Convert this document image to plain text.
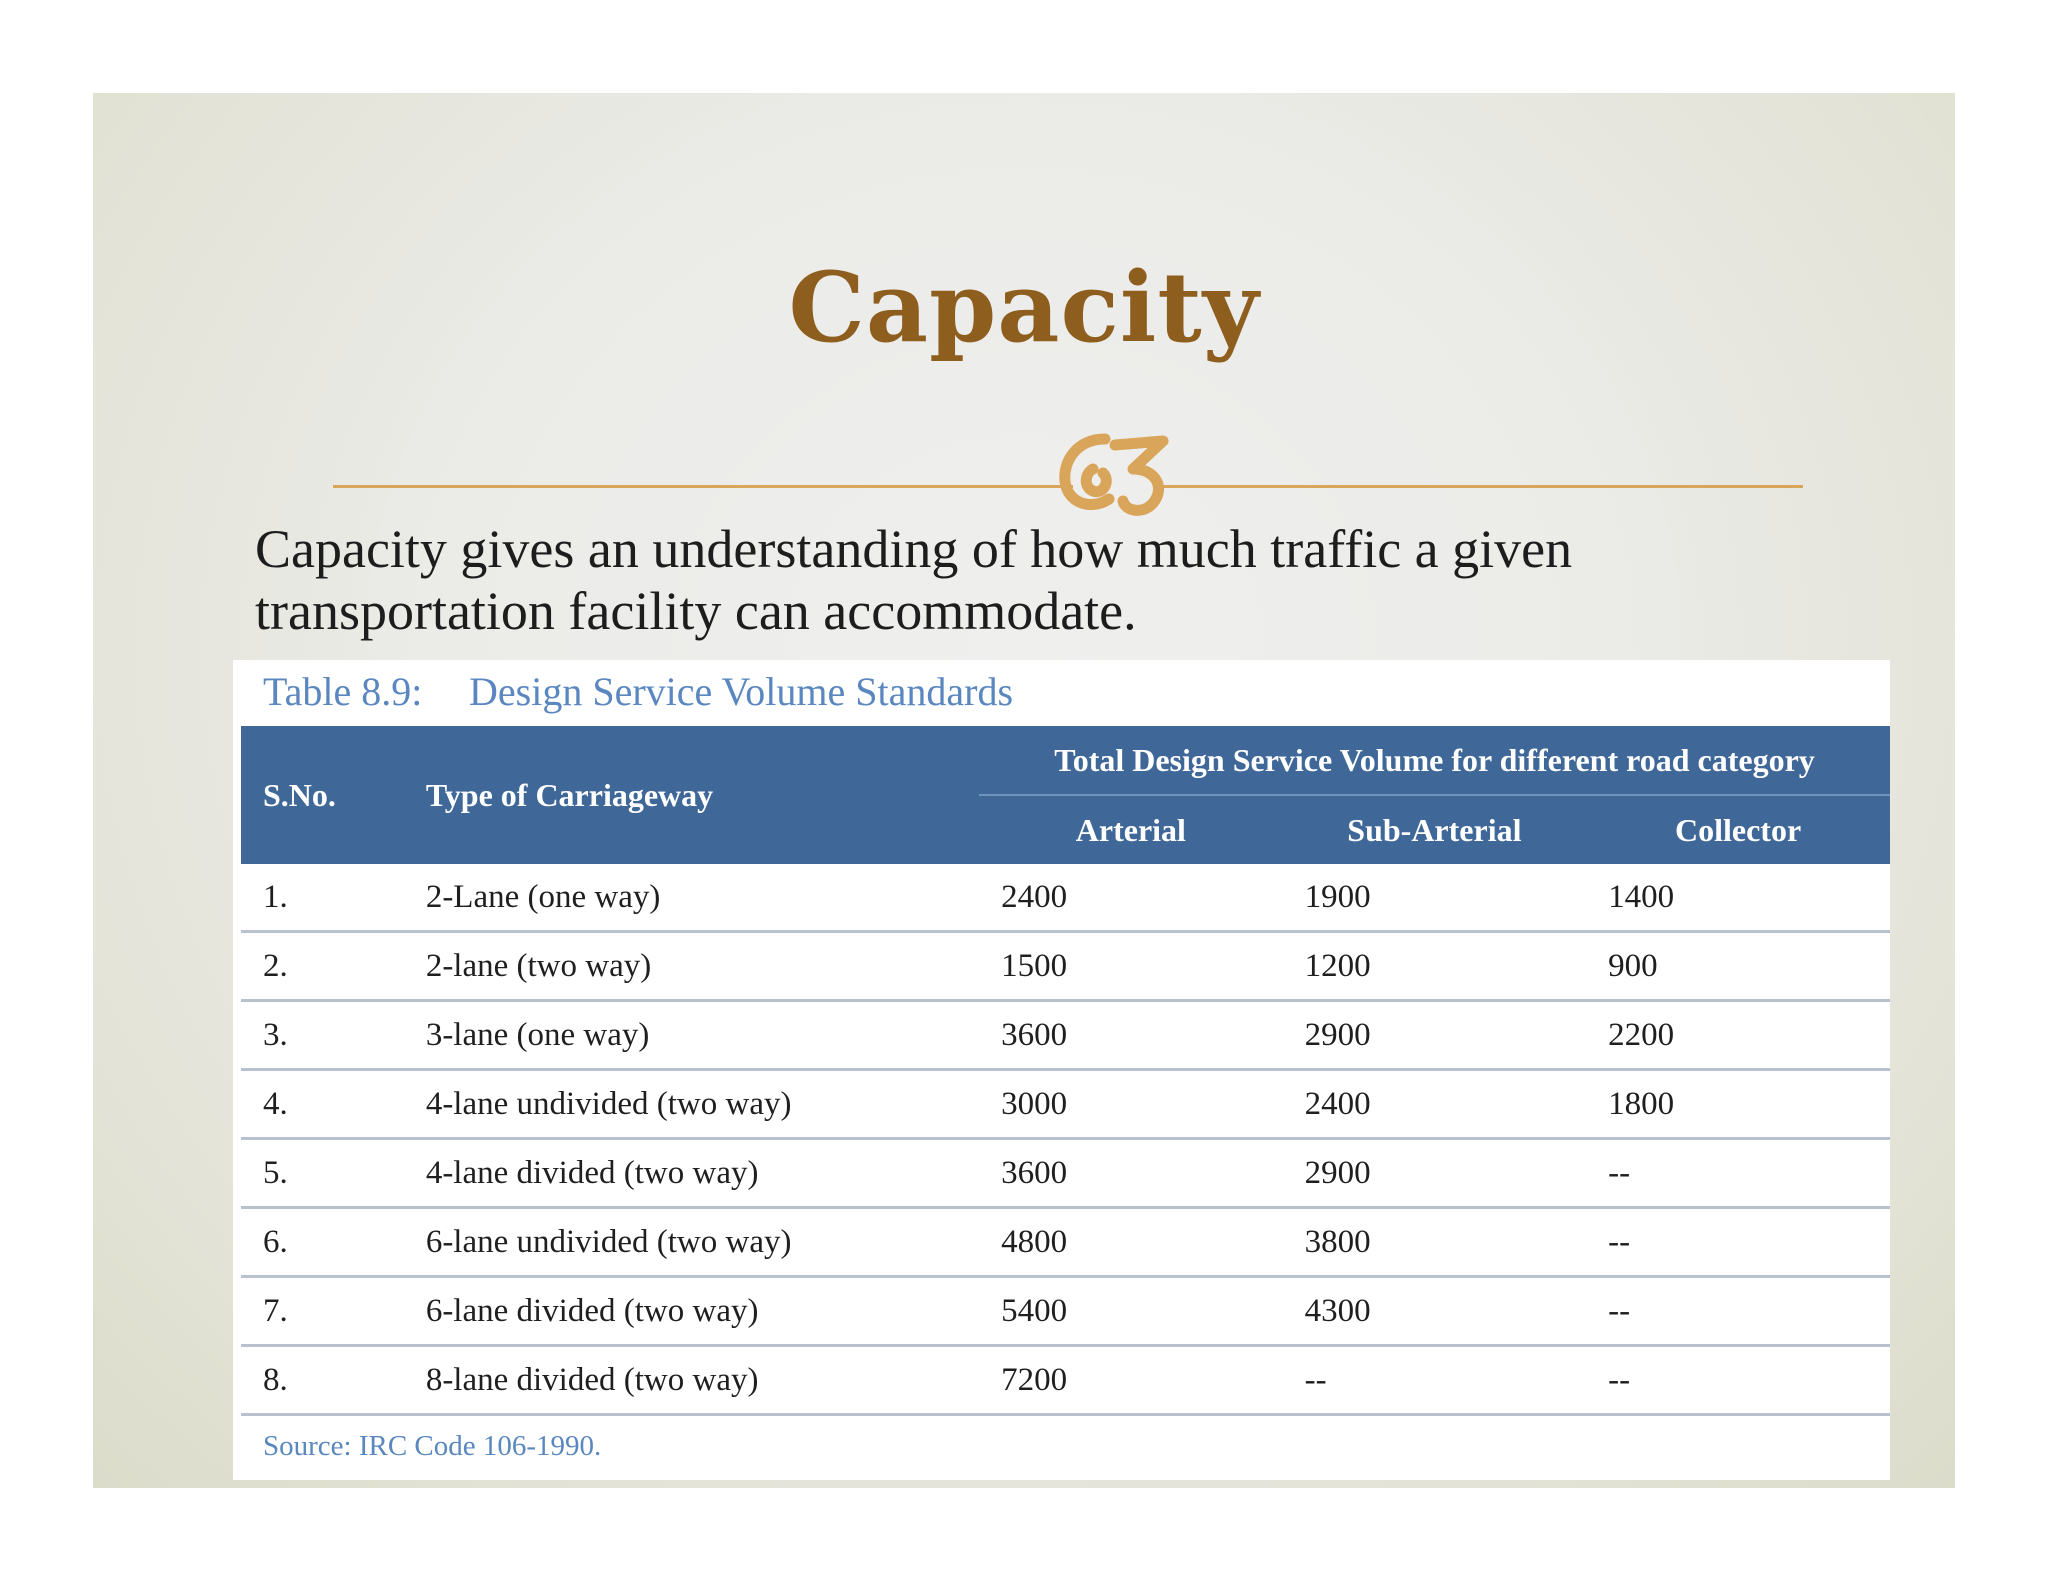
Capacity
Capacity gives an understanding of how much traffic a given transportation facility can accommodate.
Table 8.9: Design Service Volume Standards
S.No.	Type of Carriageway	Total Design Service Volume for different road category		
		Arterial	Sub-Arterial	Collector
1.	2-Lane (one way)	2400	1900	1400
2.	2-lane (two way)	1500	1200	900
3.	3-lane (one way)	3600	2900	2200
4.	4-lane undivided (two way)	3000	2400	1800
5.	4-lane divided (two way)	3600	2900	--
6.	6-lane undivided (two way)	4800	3800	--
7.	6-lane divided (two way)	5400	4300	--
8.	8-lane divided (two way)	7200	--	--
Source: IRC Code 106-1990.
